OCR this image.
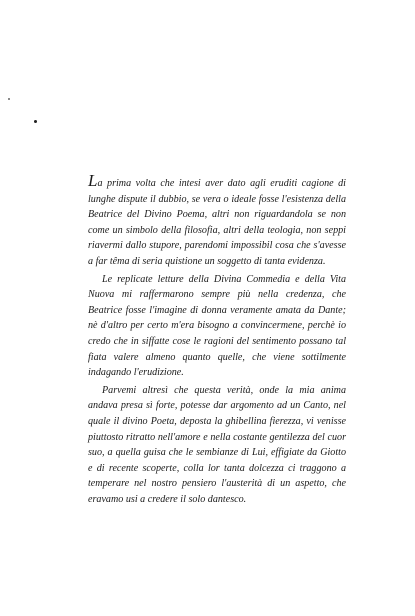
La prima volta che intesi aver dato agli eruditi cagione di lunghe dispute il dubbio, se vera o ideale fosse l'esistenza della Beatrice del Divino Poema, altri non riguardandola se non come un simbolo della filosofia, altri della teologia, non seppi riavermi dallo stupore, parendomi impossibil cosa che s'avesse a far têma di seria quistione un soggetto di tanta evidenza.

Le replicate letture della Divina Commedia e della Vita Nuova mi raffermarono sempre più nella credenza, che Beatrice fosse l'imagine di donna veramente amata da Dante; nè d'altro per certo m'era bisogno a convincermene, perchè io credo che in siffatte cose le ragioni del sentimento possano tal fiata valere almeno quanto quelle, che viene sottilmente indagando l'erudizione.

Parvemi altresì che questa verità, onde la mia anima andava presa sì forte, potesse dar argomento ad un Canto, nel quale il divino Poeta, deposta la ghibellina fierezza, vi venisse piuttosto ritratto nell'amore e nella costante gentilezza del cuor suo, a quella guisa che le sembianze di Lui, effigiate da Giotto e di recente scoperte, colla lor tanta dolcezza ci traggono a temperare nel nostro pensiero l'austerità di un aspetto, che eravamo usi a credere il solo dantesco.
